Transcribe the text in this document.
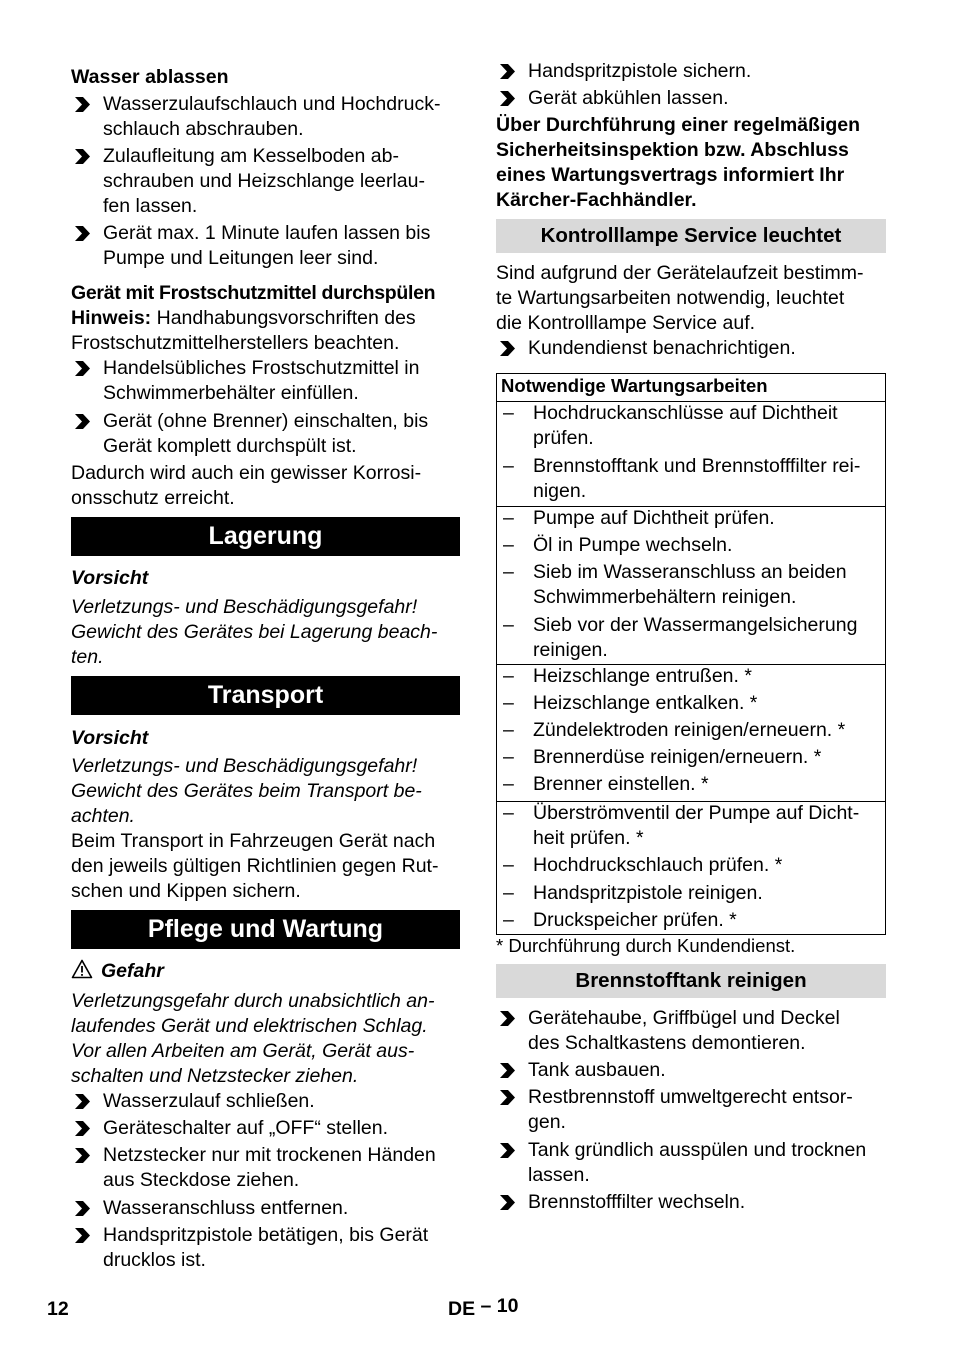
Wasser ablassen
Wasserzulaufschlauch und Hochdruck-
schlauch abschrauben.
Zulaufleitung am Kesselboden ab-
schrauben und Heizschlange leerlau-
fen lassen.
Gerät max. 1 Minute laufen lassen bis
Pumpe und Leitungen leer sind.
Gerät mit Frostschutzmittel durchspülen
Hinweis: Handhabungsvorschriften des
Frostschutzmittelherstellers beachten.
Handelsübliches Frostschutzmittel in
Schwimmerbehälter einfüllen.
Gerät (ohne Brenner) einschalten, bis
Gerät komplett durchspült ist.
Dadurch wird auch ein gewisser Korrosi-
onsschutz erreicht.
Lagerung
Vorsicht
Verletzungs- und Beschädigungsgefahr!
Gewicht des Gerätes bei Lagerung beach-
ten.
Transport
Vorsicht
Verletzungs- und Beschädigungsgefahr!
Gewicht des Gerätes beim Transport be-
achten.
Beim Transport in Fahrzeugen Gerät nach
den jeweils gültigen Richtlinien gegen Rut-
schen und Kippen sichern.
Pflege und Wartung
Gefahr
Verletzungsgefahr durch unabsichtlich an-
laufendes Gerät und elektrischen Schlag.
Vor allen Arbeiten am Gerät, Gerät aus-
schalten und Netzstecker ziehen.
Wasserzulauf schließen.
Geräteschalter auf „OFF“ stellen.
Netzstecker nur mit trockenen Händen
aus Steckdose ziehen.
Wasseranschluss entfernen.
Handspritzpistole betätigen, bis Gerät
drucklos ist.
Handspritzpistole sichern.
Gerät abkühlen lassen.
Über Durchführung einer regelmäßigen
Sicherheitsinspektion bzw. Abschluss
eines Wartungsvertrags informiert Ihr
Kärcher-Fachhändler.
Kontrolllampe Service leuchtet
Sind aufgrund der Gerätelaufzeit bestimm-
te Wartungsarbeiten notwendig, leuchtet
die Kontrolllampe Service auf.
Kundendienst benachrichtigen.
Notwendige Wartungsarbeiten
– Hochdruckanschlüsse auf Dichtheit
prüfen.
– Brennstofftank und Brennstofffilter rei-
nigen.
– Pumpe auf Dichtheit prüfen.
– Öl in Pumpe wechseln.
– Sieb im Wasseranschluss an beiden
Schwimmerbehältern reinigen.
– Sieb vor der Wassermangelsicherung
reinigen.
– Heizschlange entrußen. *
– Heizschlange entkalken. *
– Zündelektroden reinigen/erneuern. *
– Brennerdüse reinigen/erneuern. *
– Brenner einstellen. *
– Überströmventil der Pumpe auf Dicht-
heit prüfen. *
– Hochdruckschlauch prüfen. *
– Handspritzpistole reinigen.
– Druckspeicher prüfen. *
* Durchführung durch Kundendienst.
Brennstofftank reinigen
Gerätehaube, Griffbügel und Deckel
des Schaltkastens demontieren.
Tank ausbauen.
Restbrennstoff umweltgerecht entsor-
gen.
Tank gründlich ausspülen und trocknen
lassen.
Brennstofffilter wechseln.
12	DE – 10
